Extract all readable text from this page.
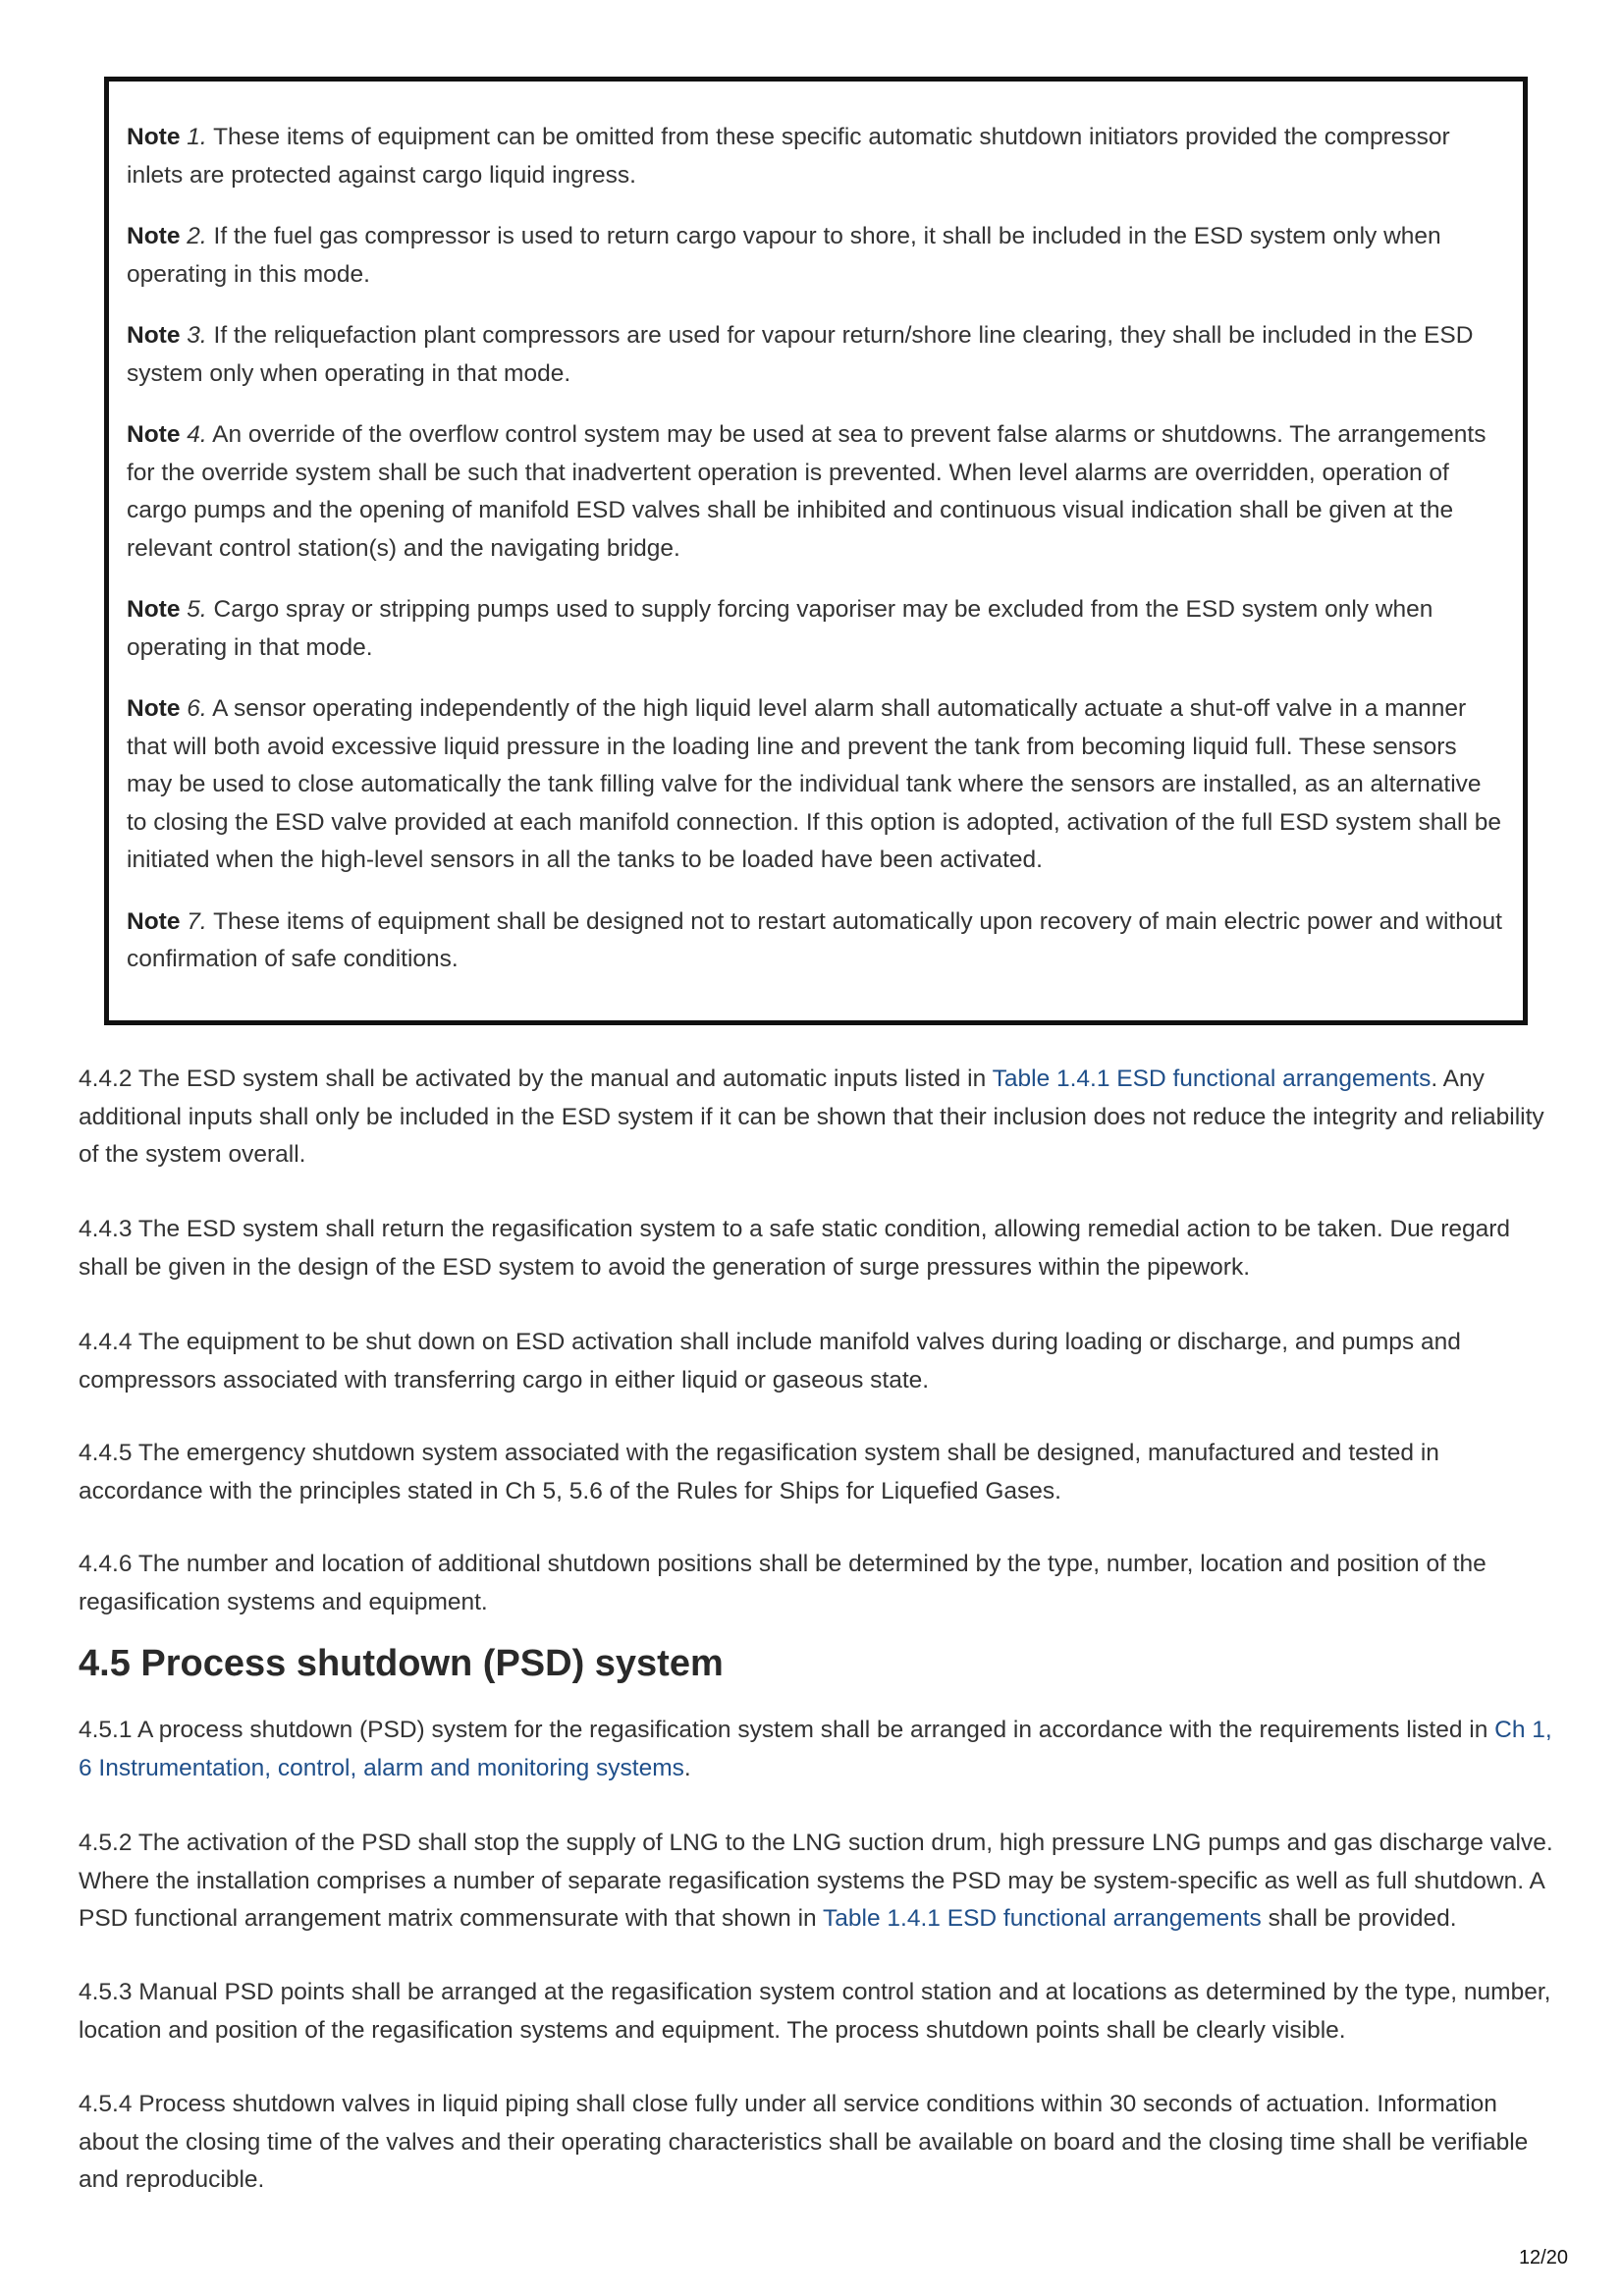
Note 1. These items of equipment can be omitted from these specific automatic shutdown initiators provided the compressor inlets are protected against cargo liquid ingress.

Note 2. If the fuel gas compressor is used to return cargo vapour to shore, it shall be included in the ESD system only when operating in this mode.

Note 3. If the reliquefaction plant compressors are used for vapour return/shore line clearing, they shall be included in the ESD system only when operating in that mode.

Note 4. An override of the overflow control system may be used at sea to prevent false alarms or shutdowns. The arrangements for the override system shall be such that inadvertent operation is prevented. When level alarms are overridden, operation of cargo pumps and the opening of manifold ESD valves shall be inhibited and continuous visual indication shall be given at the relevant control station(s) and the navigating bridge.

Note 5. Cargo spray or stripping pumps used to supply forcing vaporiser may be excluded from the ESD system only when operating in that mode.

Note 6. A sensor operating independently of the high liquid level alarm shall automatically actuate a shut-off valve in a manner that will both avoid excessive liquid pressure in the loading line and prevent the tank from becoming liquid full. These sensors may be used to close automatically the tank filling valve for the individual tank where the sensors are installed, as an alternative to closing the ESD valve provided at each manifold connection. If this option is adopted, activation of the full ESD system shall be initiated when the high-level sensors in all the tanks to be loaded have been activated.

Note 7. These items of equipment shall be designed not to restart automatically upon recovery of main electric power and without confirmation of safe conditions.

4.4.2 The ESD system shall be activated by the manual and automatic inputs listed in Table 1.4.1 ESD functional arrangements. Any additional inputs shall only be included in the ESD system if it can be shown that their inclusion does not reduce the integrity and reliability of the system overall.

4.4.3 The ESD system shall return the regasification system to a safe static condition, allowing remedial action to be taken. Due regard shall be given in the design of the ESD system to avoid the generation of surge pressures within the pipework.

4.4.4 The equipment to be shut down on ESD activation shall include manifold valves during loading or discharge, and pumps and compressors associated with transferring cargo in either liquid or gaseous state.

4.4.5 The emergency shutdown system associated with the regasification system shall be designed, manufactured and tested in accordance with the principles stated in Ch 5, 5.6 of the Rules for Ships for Liquefied Gases.

4.4.6 The number and location of additional shutdown positions shall be determined by the type, number, location and position of the regasification systems and equipment.

4.5 Process shutdown (PSD) system

4.5.1 A process shutdown (PSD) system for the regasification system shall be arranged in accordance with the requirements listed in Ch 1, 6 Instrumentation, control, alarm and monitoring systems.

4.5.2 The activation of the PSD shall stop the supply of LNG to the LNG suction drum, high pressure LNG pumps and gas discharge valve. Where the installation comprises a number of separate regasification systems the PSD may be system-specific as well as full shutdown. A PSD functional arrangement matrix commensurate with that shown in Table 1.4.1 ESD functional arrangements shall be provided.

4.5.3 Manual PSD points shall be arranged at the regasification system control station and at locations as determined by the type, number, location and position of the regasification systems and equipment. The process shutdown points shall be clearly visible.

4.5.4 Process shutdown valves in liquid piping shall close fully under all service conditions within 30 seconds of actuation. Information about the closing time of the valves and their operating characteristics shall be available on board and the closing time shall be verifiable and reproducible.

12/20
